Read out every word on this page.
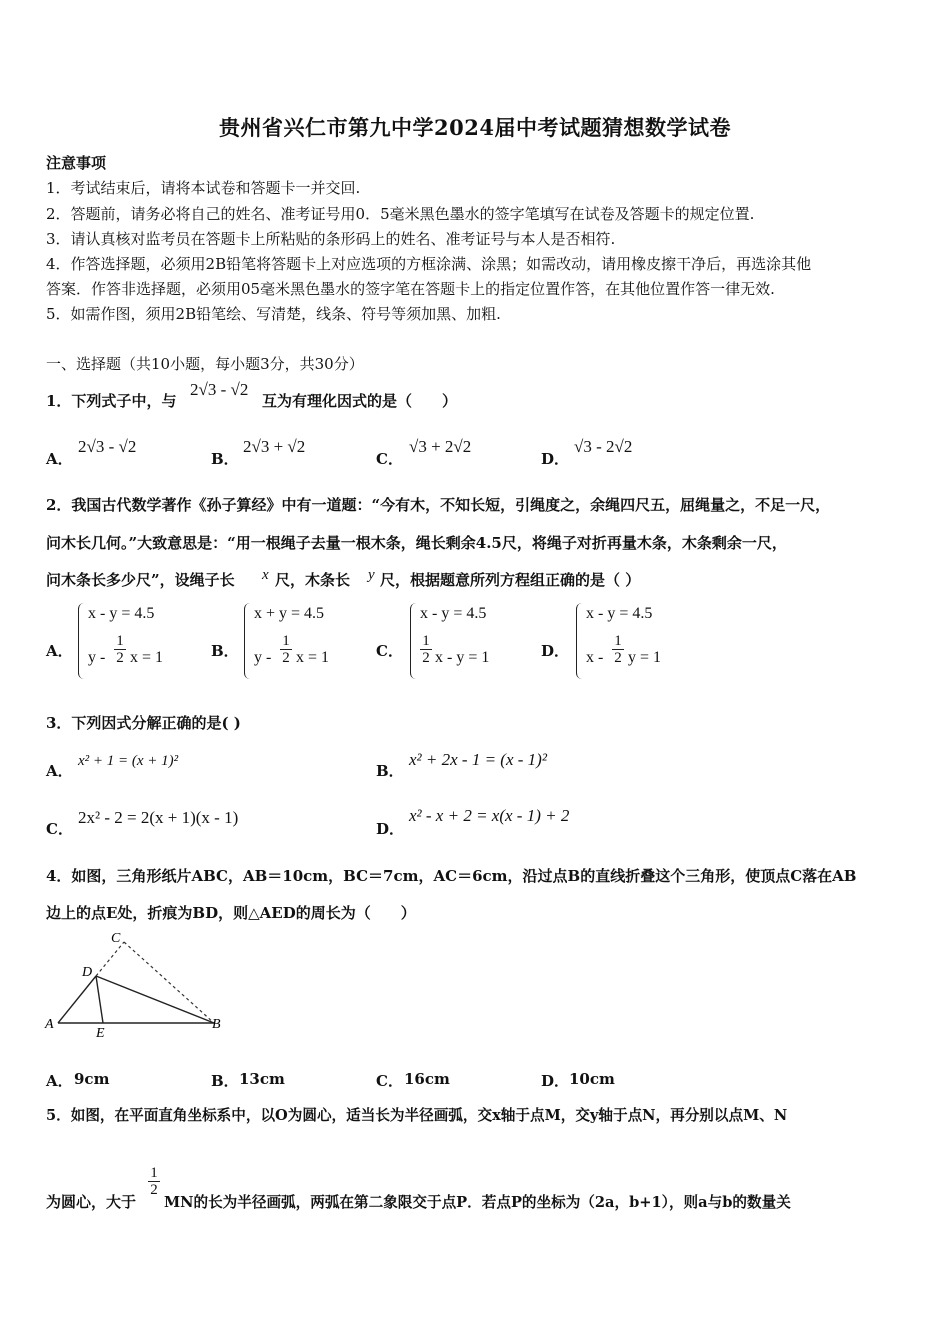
贵州省兴仁市第九中学2024届中考试题猜想数学试卷
注意事项
1．考试结束后，请将本试卷和答题卡一并交回.
2．答题前，请务必将自己的姓名、准考证号用0．5毫米黑色墨水的签字笔填写在试卷及答题卡的规定位置.
3．请认真核对监考员在答题卡上所粘贴的条形码上的姓名、准考证号与本人是否相符.
4．作答选择题，必须用2B铅笔将答题卡上对应选项的方框涂满、涂黑；如需改动，请用橡皮擦干净后，再选涂其他
答案．作答非选择题，必须用05毫米黑色墨水的签字笔在答题卡上的指定位置作答，在其他位置作答一律无效.
5．如需作图，须用2B铅笔绘、写清楚，线条、符号等须加黑、加粗.
一、选择题（共10小题，每小题3分，共30分）
1．下列式子中，与
2√3 - √2
互为有理化因式的是（　　）
A．
2√3 - √2
B．
2√3 + √2
C．
√3 + 2√2
D．
√3 - 2√2
2．我国古代数学著作《孙子算经》中有一道题：“今有木，不知长短，引绳度之，余绳四尺五，屈绳量之，不足一尺，
问木长几何。”大致意思是：“用一根绳子去量一根木条，绳长剩余4.5尺，将绳子对折再量木条，木条剩余一尺，
问木条长多少尺”，设绳子长 x 尺，木条长 y 尺，根据题意所列方程组正确的是（ ）
A．
x - y = 4.5
y -
1
2 x = 1	B．
x + y = 4.5
y -
1
2 x = 1	C．
x - y = 4.5
1
2 x - y = 1	D．
x - y = 4.5
x -
1
2 y = 1
3．下列因式分解正确的是( )
A．
x² + 1 = (x + 1)²
B．
x² + 2x - 1 = (x - 1)²
C．
2x² - 2 = 2(x + 1)(x - 1)
D．
x² - x + 2 = x(x - 1) + 2
4．如图，三角形纸片ABC，AB＝10cm，BC＝7cm，AC＝6cm，沿过点B的直线折叠这个三角形，使顶点C落在AB
边上的点E处，折痕为BD，则△AED的周长为（　　）
A	B
C
D
E
A． 9cm	B． 13cm	C． 16cm	D． 10cm
5．如图，在平面直角坐标系中，以O为圆心，适当长为半径画弧，交x轴于点M，交y轴于点N，再分别以点M、N
为圆心，大于
1
2
MN的长为半径画弧，两弧在第二象限交于点P．若点P的坐标为（2a，b+1），则a与b的数量关
